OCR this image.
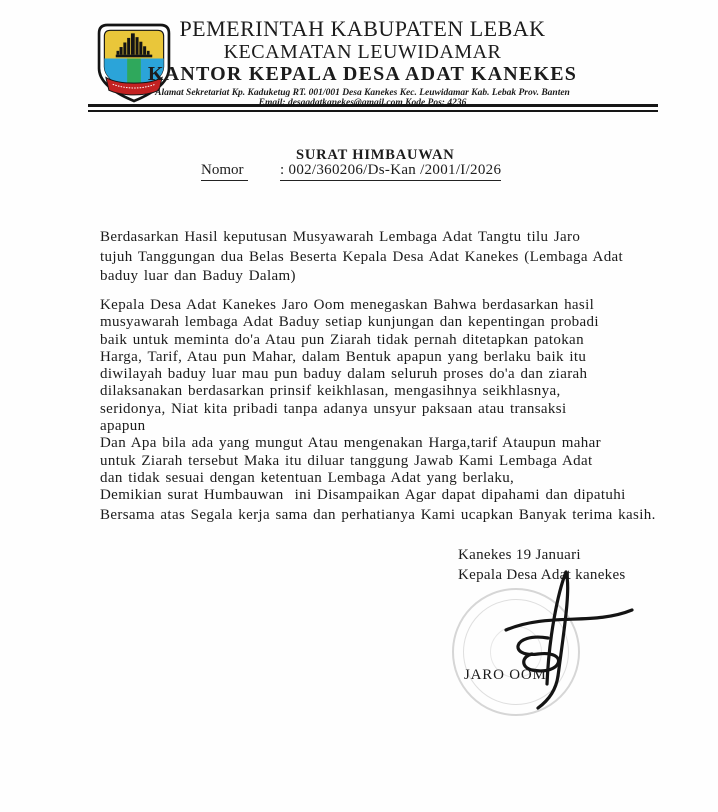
PEMERINTAH KABUPATEN LEBAK
KECAMATAN LEUWIDAMAR
KANTOR KEPALA DESA ADAT KANEKES
Alamat Sekretariat Kp. Kaduketug RT. 001/001 Desa Kanekes Kec. Leuwidamar Kab. Lebak Prov. Banten
Email: desaadatkanekes@gmail.com Kode Pos: 4236
SURAT HIMBAUWAN
Nomor : 002/360206/Ds-Kan /2001/I/2026
Berdasarkan Hasil keputusan Musyawarah Lembaga Adat Tangtu tilu Jaro
tujuh Tanggungan dua Belas Beserta Kepala Desa Adat Kanekes (Lembaga Adat
baduy luar dan Baduy Dalam)
Kepala Desa Adat Kanekes Jaro Oom menegaskan Bahwa berdasarkan hasil
musyawarah lembaga Adat Baduy setiap kunjungan dan kepentingan probadi
baik untuk meminta do'a Atau pun Ziarah tidak pernah ditetapkan patokan
Harga, Tarif, Atau pun Mahar, dalam Bentuk apapun yang berlaku baik itu
diwilayah baduy luar mau pun baduy dalam seluruh proses do'a dan ziarah
dilaksanakan berdasarkan prinsif keikhlasan, mengasihnya seikhlasnya,
seridonya, Niat kita pribadi tanpa adanya unsyur paksaan atau transaksi
apapun
Dan Apa bila ada yang mungut Atau mengenakan Harga,tarif Ataupun mahar
untuk Ziarah tersebut Maka itu diluar tanggung Jawab Kami Lembaga Adat
dan tidak sesuai dengan ketentuan Lembaga Adat yang berlaku,
Demikian surat Humbauwan  ini Disampaikan Agar dapat dipahami dan dipatuhi
Bersama atas Segala kerja sama dan perhatianya Kami ucapkan Banyak terima kasih.
Kanekes 19 Januari
Kepala Desa Adat kanekes
JARO OOM
